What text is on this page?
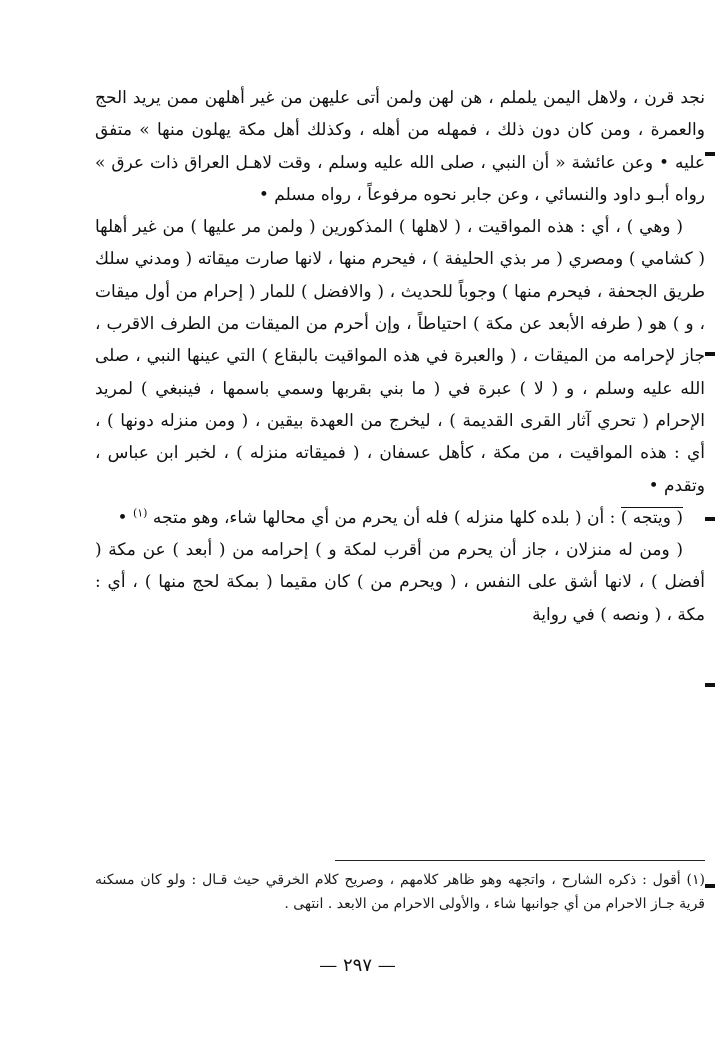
نجد قرن ، ولاهل اليمن يلملم ، هن لهن ولمن أتى عليهن من غير أهلهن ممن يريد الحج والعمرة ، ومن كان دون ذلك ، فمهله من أهله ، وكذلك أهل مكة يهلون منها » متفق عليه • وعن عائشة « أن النبي ، صلى الله عليه وسلم ، وقت لاهـل العراق ذات عرق » رواه أبـو داود والنسائي ، وعن جابر نحوه مرفوعاً ، رواه مسلم •

( وهي ) ، أي : هذه المواقيت ، ( لاهلها ) المذكورين ( ولمن مر عليها ) من غير أهلها ( كشامي ) ومصري ( مر بذي الحليفة ) ، فيحرم منها ، لانها صارت ميقاته ( ومدني سلك طريق الجحفة ، فيحرم منها ) وجوباً للحديث ، ( والافضل ) للمار ( إحرام من أول ميقات ، و ) هو ( طرفه الأبعد عن مكة ) احتياطاً ، وإن أحرم من الميقات من الطرف الاقرب ، جاز لإحرامه من الميقات ، ( والعبرة في هذه المواقيت بالبقاع ) التي عينها النبي ، صلى الله عليه وسلم ، و ( لا ) عبرة في ( ما بني بقربها وسمي باسمها ، فينبغي ) لمريد الإحرام ( تحري آثار القرى القديمة ) ، ليخرج من العهدة بيقين ، ( ومن منزله دونها ) ، أي : هذه المواقيت ، من مكة ، كأهل عسفان ، ( فميقاته منزله ) ، لخبر ابن عباس ، وتقدم •

( ويتجه ) : أن ( بلده كلها منزله ) فله أن يحرم من أي محالها شاء، وهو متجه $^{(١)}$ •

( ومن له منزلان ، جاز أن يحرم من أقرب لمكة و ) إحرامه من ( أبعد ) عن مكة ( أفضل ) ، لانها أشق على النفس ، ( ويحرم من ) كان مقيما ( بمكة لحج منها ) ، أي : مكة ، ( ونصه ) في رواية

(١) أقول : ذكره الشارح ، واتجهه وهو ظاهر كلامهم ، وصريح كلام الخرقي حيث قـال : ولو كان مسكنه قرية جـاز الاحرام من أي جوانبها شاء ، والأولى الاحرام من الابعد . انتهى .
— ٢٩٧ —
